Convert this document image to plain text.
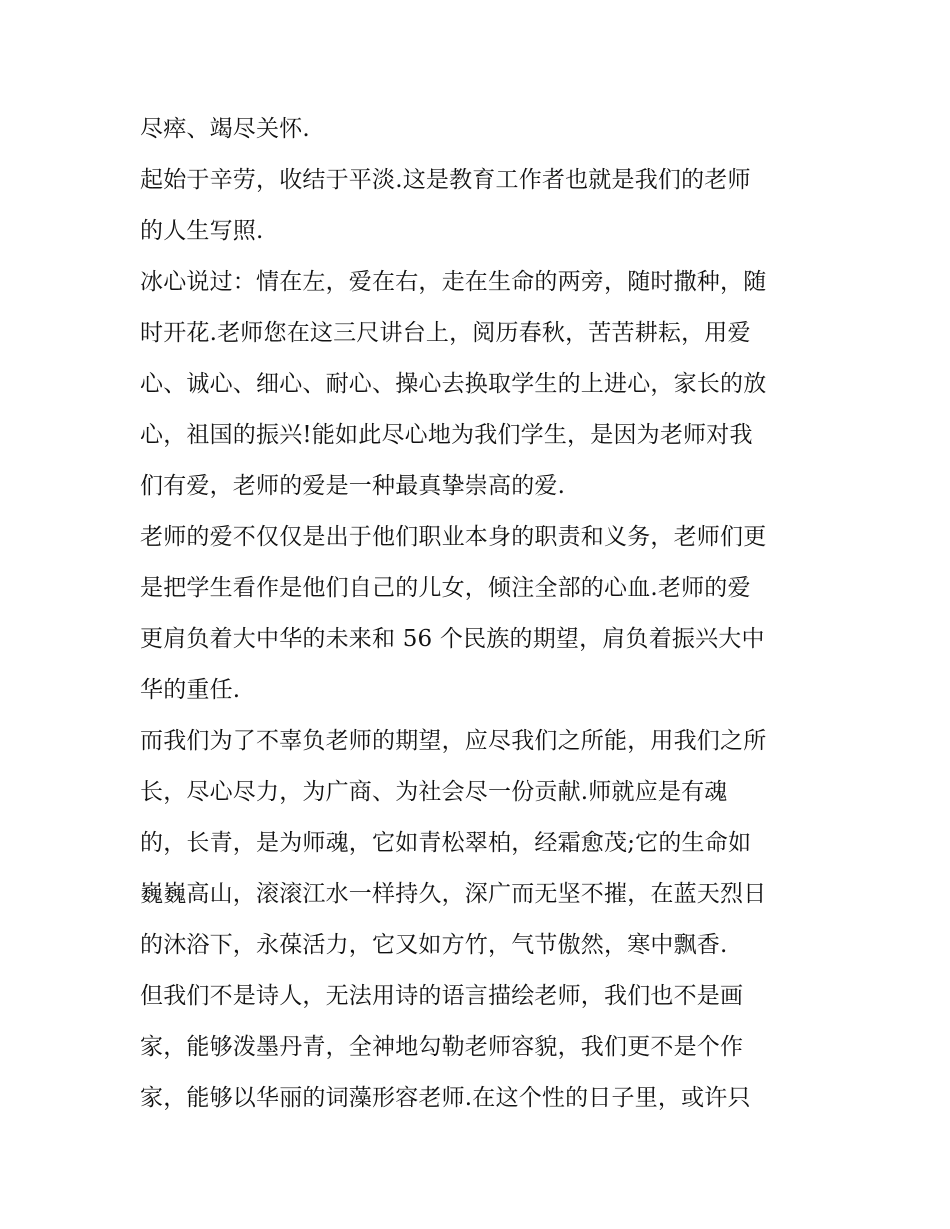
尽瘁、竭尽关怀.
起始于辛劳，收结于平淡.这是教育工作者也就是我们的老师
的人生写照.
冰心说过：情在左，爱在右，走在生命的两旁，随时撒种，随
时开花.老师您在这三尺讲台上，阅历春秋，苦苦耕耘，用爱
心、诚心、细心、耐心、操心去换取学生的上进心，家长的放
心，祖国的振兴!能如此尽心地为我们学生，是因为老师对我
们有爱，老师的爱是一种最真挚崇高的爱.
老师的爱不仅仅是出于他们职业本身的职责和义务，老师们更
是把学生看作是他们自己的儿女，倾注全部的心血.老师的爱
更肩负着大中华的未来和 56 个民族的期望，肩负着振兴大中
华的重任.
而我们为了不辜负老师的期望，应尽我们之所能，用我们之所
长，尽心尽力，为广商、为社会尽一份贡献.师就应是有魂
的，长青，是为师魂，它如青松翠柏，经霜愈茂;它的生命如
巍巍高山，滚滚江水一样持久，深广而无坚不摧，在蓝天烈日
的沐浴下，永葆活力，它又如方竹，气节傲然，寒中飘香.
但我们不是诗人，无法用诗的语言描绘老师，我们也不是画
家，能够泼墨丹青，全神地勾勒老师容貌，我们更不是个作
家，能够以华丽的词藻形容老师.在这个性的日子里，或许只
